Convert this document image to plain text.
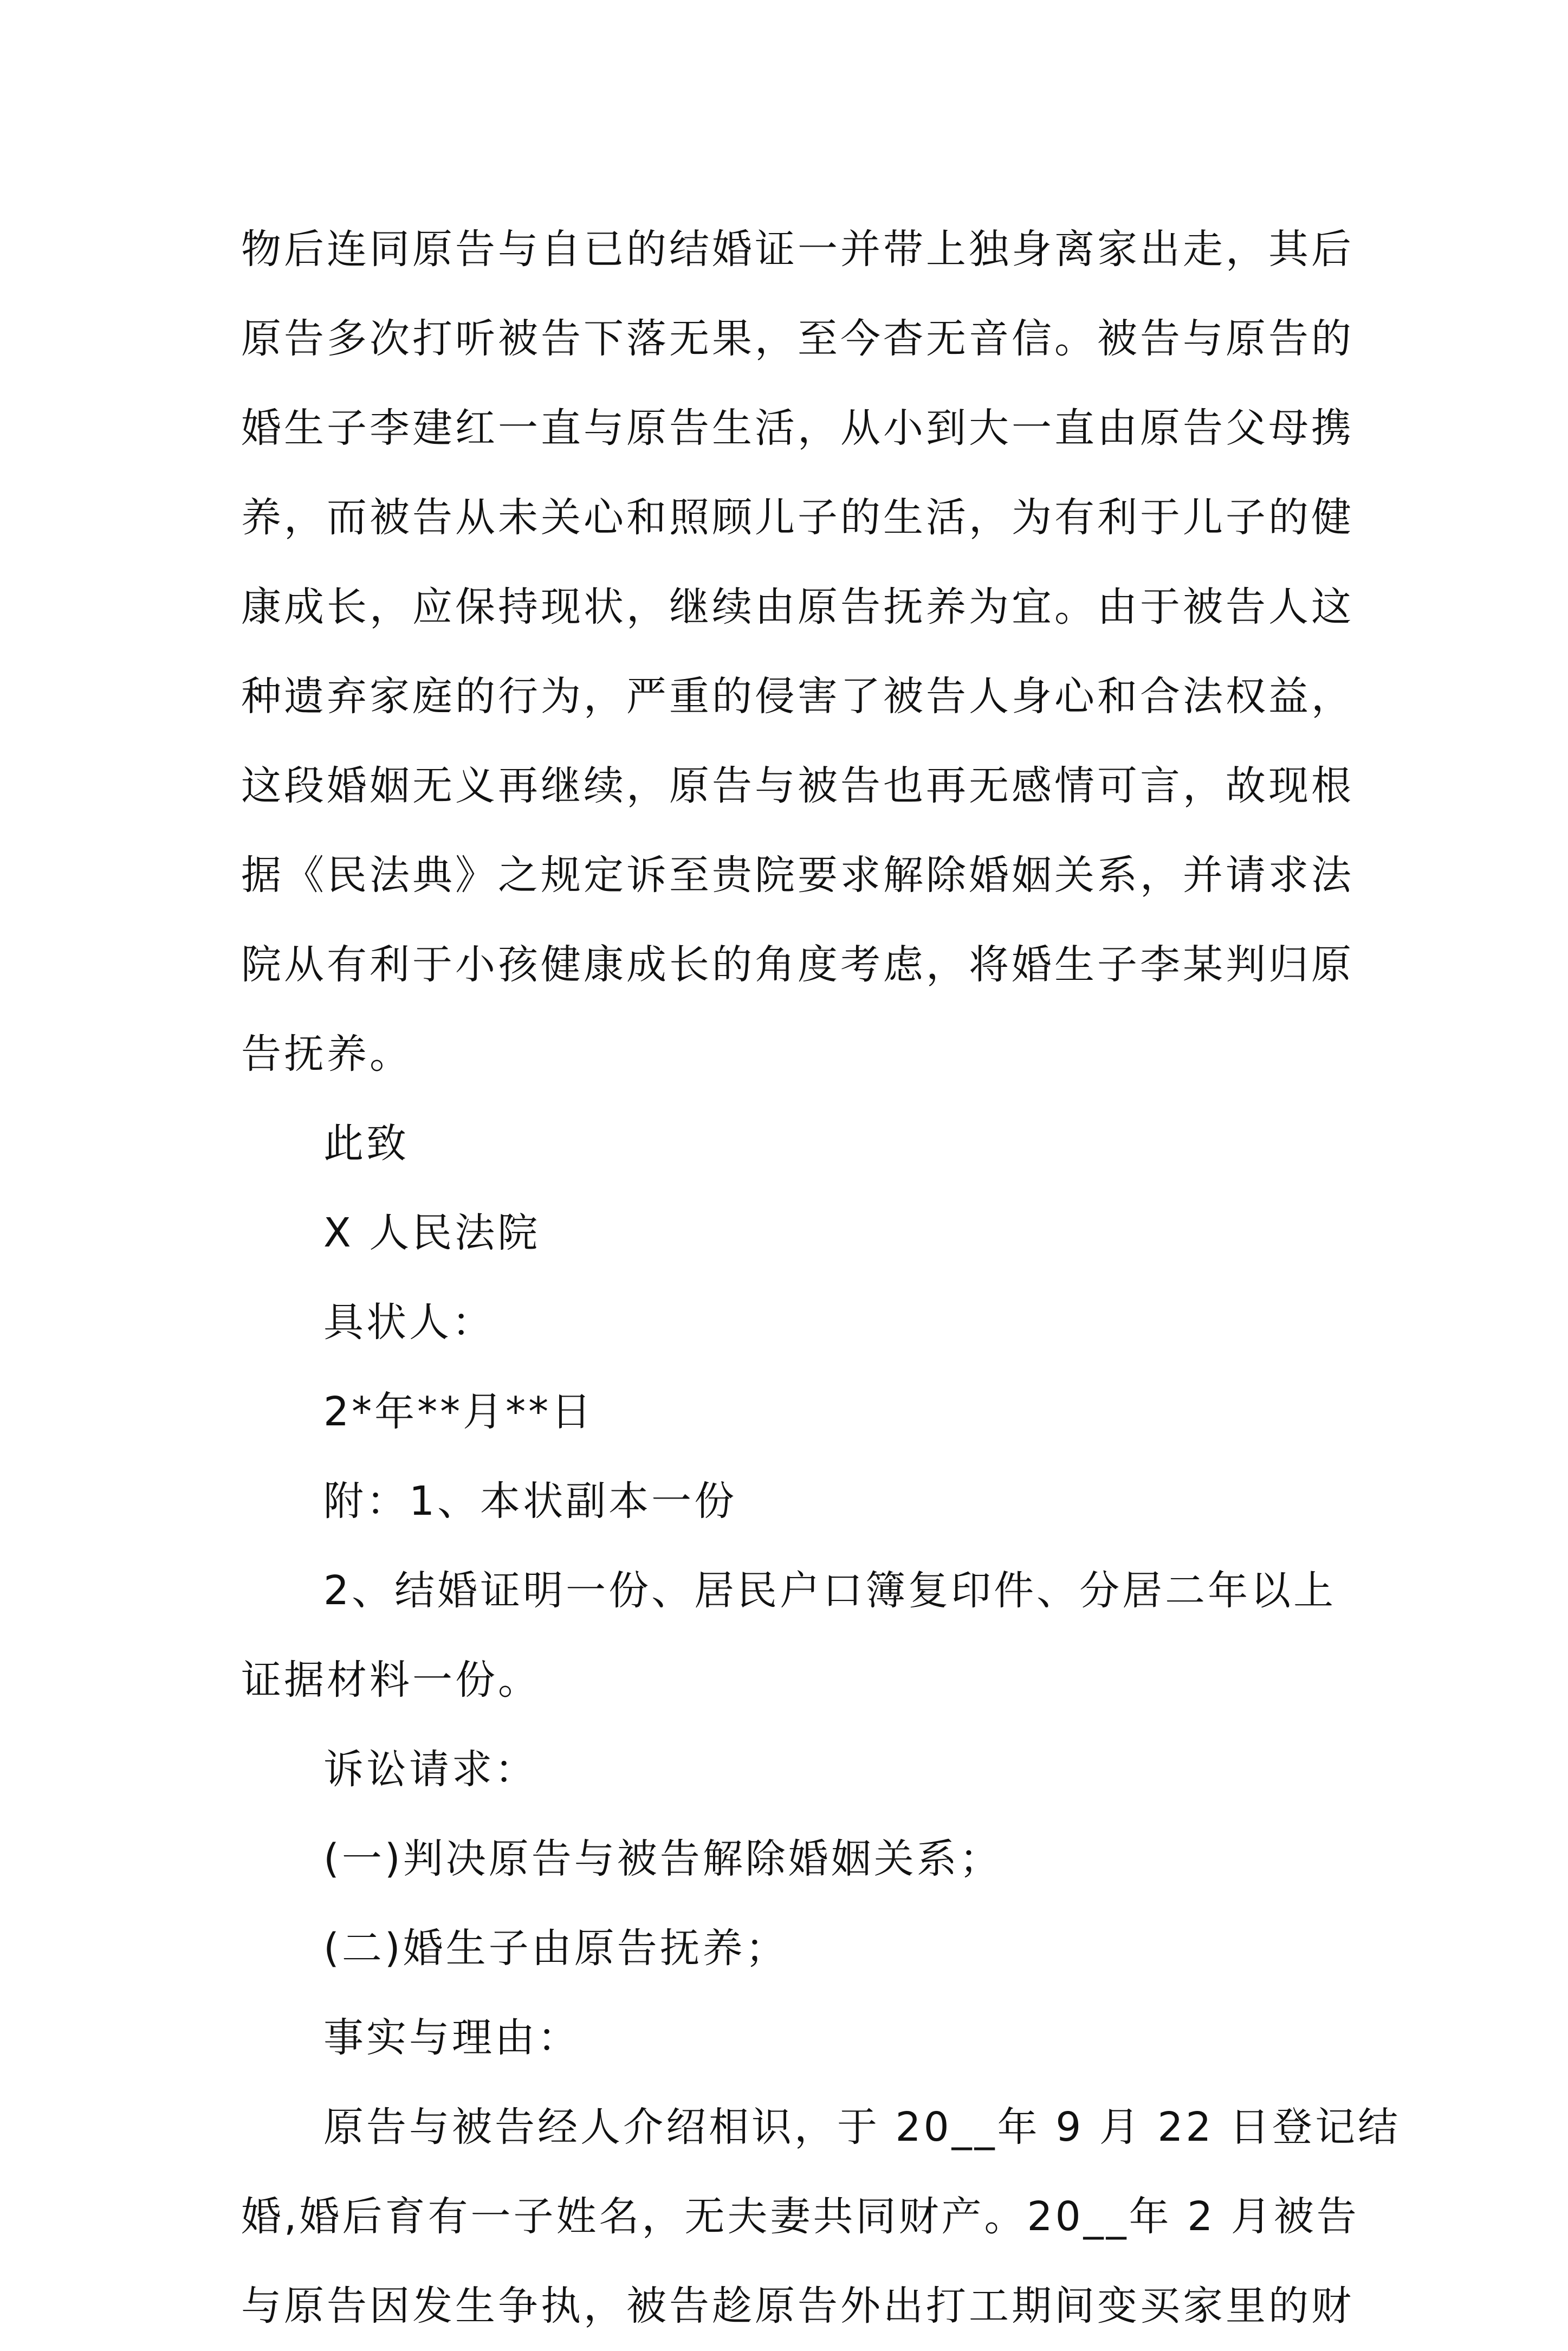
物后连同原告与自已的结婚证一并带上独身离家出走，其后
原告多次打听被告下落无果，至今杳无音信。被告与原告的
婚生子李建红一直与原告生活，从小到大一直由原告父母携
养，而被告从未关心和照顾儿子的生活，为有利于儿子的健
康成长，应保持现状，继续由原告抚养为宜。由于被告人这
种遗弃家庭的行为，严重的侵害了被告人身心和合法权益，
这段婚姻无义再继续，原告与被告也再无感情可言，故现根
据《民法典》之规定诉至贵院要求解除婚姻关系，并请求法
院从有利于小孩健康成长的角度考虑，将婚生子李某判归原
告抚养。
此致
X 人民法院
具状人：
2*年**月**日
附：1、本状副本一份
2、结婚证明一份、居民户口簿复印件、分居二年以上
证据材料一份。
诉讼请求：
(一)判决原告与被告解除婚姻关系；
(二)婚生子由原告抚养；
事实与理由：
原告与被告经人介绍相识，于 20__年 9 月 22 日登记结
婚,婚后育有一子姓名，无夫妻共同财产。20__年 2 月被告
与原告因发生争执，被告趁原告外出打工期间变买家里的财
